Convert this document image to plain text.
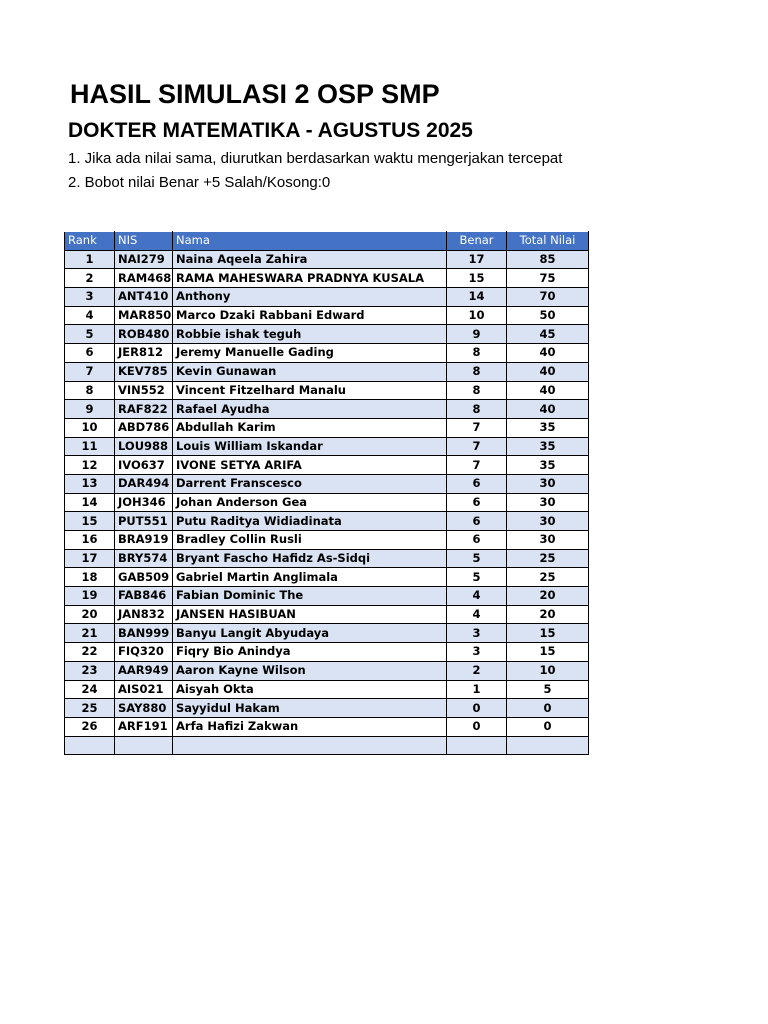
HASIL SIMULASI 2 OSP SMP
DOKTER MATEMATIKA - AGUSTUS 2025

1. Jika ada nilai sama, diurutkan berdasarkan waktu mengerjakan tercepat

2. Bobot nilai Benar +5 Salah/Kosong:0

Rank	NIS	Nama	Benar	Total Nilai
1	NAI279	Naina Aqeela Zahira	17	85
2	RAM468	RAMA MAHESWARA PRADNYA KUSALA	15	75
3	ANT410	Anthony	14	70
4	MAR850	Marco Dzaki Rabbani Edward	10	50
5	ROB480	Robbie ishak teguh	9	45
6	JER812	Jeremy Manuelle Gading	8	40
7	KEV785	Kevin Gunawan	8	40
8	VIN552	Vincent Fitzelhard Manalu	8	40
9	RAF822	Rafael Ayudha	8	40
10	ABD786	Abdullah Karim	7	35
11	LOU988	Louis William Iskandar	7	35
12	IVO637	IVONE SETYA ARIFA	7	35
13	DAR494	Darrent Franscesco	6	30
14	JOH346	Johan Anderson Gea	6	30
15	PUT551	Putu Raditya Widiadinata	6	30
16	BRA919	Bradley Collin Rusli	6	30
17	BRY574	Bryant Fascho Hafidz As-Sidqi	5	25
18	GAB509	Gabriel Martin Anglimala	5	25
19	FAB846	Fabian Dominic The	4	20
20	JAN832	JANSEN HASIBUAN	4	20
21	BAN999	Banyu Langit Abyudaya	3	15
22	FIQ320	Fiqry Bio Anindya	3	15
23	AAR949	Aaron Kayne Wilson	2	10
24	AIS021	Aisyah Okta	1	5
25	SAY880	Sayyidul Hakam	0	0
26	ARF191	Arfa Hafizi Zakwan	0	0
